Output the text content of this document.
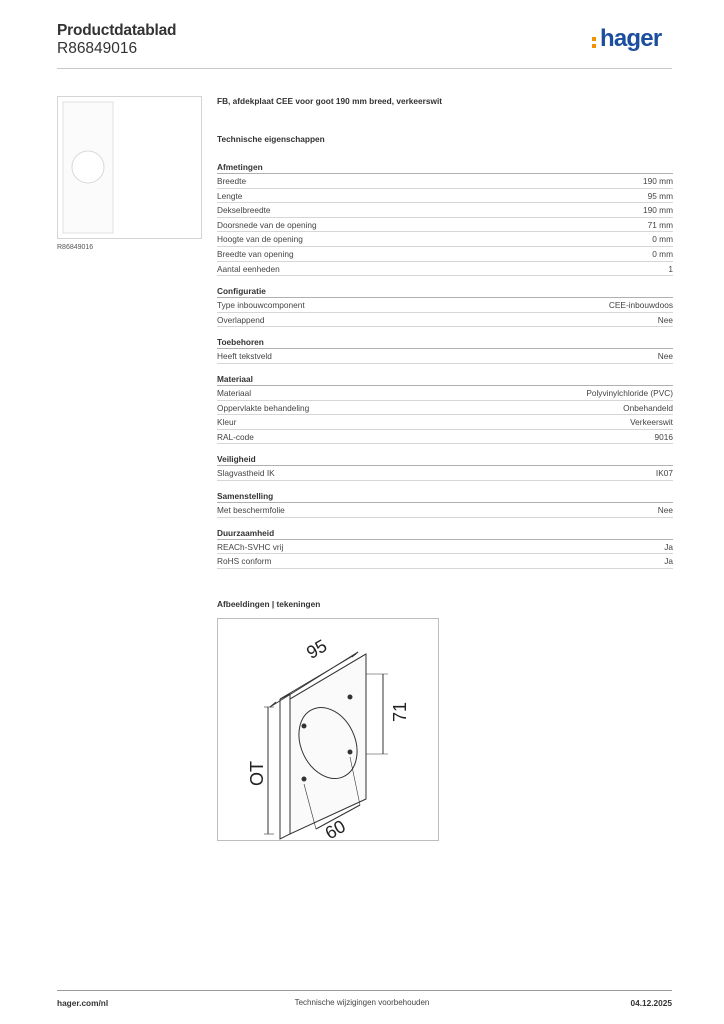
Productdatablad
R86849016	hager
R86849016
FB, afdekplaat CEE voor goot 190 mm breed, verkeerswit
Technische eigenschappen
Afmetingen
Breedte	190 mm
Lengte	95 mm
Dekselbreedte	190 mm
Doorsnede van de opening	71 mm
Hoogte van de opening	0 mm
Breedte van opening	0 mm
Aantal eenheden	1
Configuratie
Type inbouwcomponent	CEE-inbouwdoos
Overlappend	Nee
Toebehoren
Heeft tekstveld	Nee
Materiaal
Materiaal	Polyvinylchloride (PVC)
Oppervlakte behandeling	Onbehandeld
Kleur	Verkeerswit
RAL-code	9016
Veiligheid
Slagvastheid IK	IK07
Samenstelling
Met beschermfolie	Nee
Duurzaamheid
REACh-SVHC vrij	Ja
RoHS conform	Ja
Afbeeldingen | tekeningen
95
71
OT
60
hager.com/nl	Technische wijzigingen voorbehouden	04.12.2025
